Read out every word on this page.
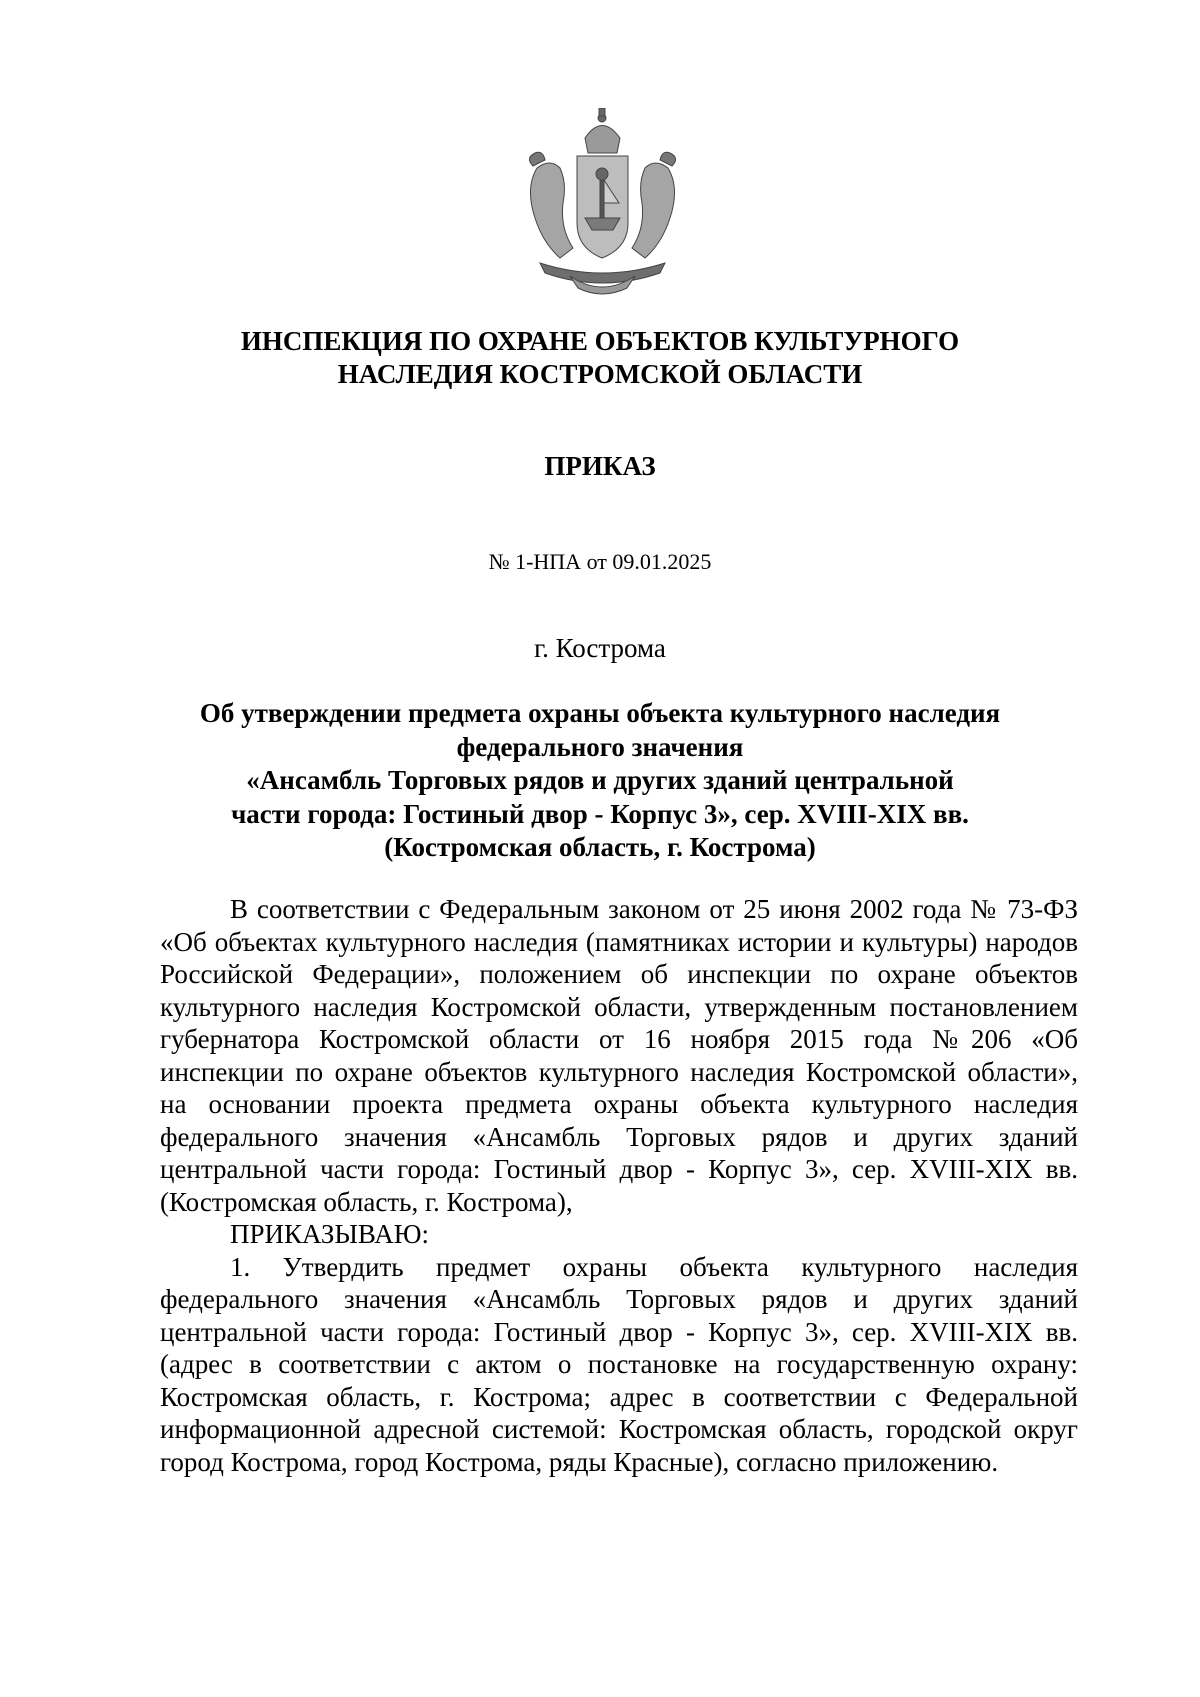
ИНСПЕКЦИЯ ПО ОХРАНЕ ОБЪЕКТОВ КУЛЬТУРНОГО
НАСЛЕДИЯ КОСТРОМСКОЙ ОБЛАСТИ
ПРИКАЗ
№ 1-НПА от 09.01.2025
г. Кострома
Об утверждении предмета охраны объекта культурного наследия
федерального значения
«Ансамбль Торговых рядов и других зданий центральной
части города: Гостиный двор - Корпус 3», сер. XVIII-XIX вв.
(Костромская область, г. Кострома)

В соответствии с Федеральным законом от 25 июня 2002 года № 73-ФЗ «Об объектах культурного наследия (памятниках истории и культуры) народов Российской Федерации», положением об инспекции по охране объектов культурного наследия Костромской области, утвержденным постановлением губернатора Костромской области от 16 ноября 2015 года №206 «Об инспекции по охране объектов культурного наследия Костромской области», на основании проекта предмета охраны объекта культурного наследия федерального значения «Ансамбль Торговых рядов и других зданий центральной части города: Гостиный двор - Корпус 3», сер. XVIII-XIX вв. (Костромская область, г. Кострома),

ПРИКАЗЫВАЮ:

1. Утвердить предмет охраны объекта культурного наследия федерального значения «Ансамбль Торговых рядов и других зданий центральной части города: Гостиный двор - Корпус 3», сер. XVIII-XIX вв. (адрес в соответствии с актом о постановке на государственную охрану: Костромская область, г. Кострома; адрес в соответствии с Федеральной информационной адресной системой: Костромская область, городской округ город Кострома, город Кострома, ряды Красные), согласно приложению.
